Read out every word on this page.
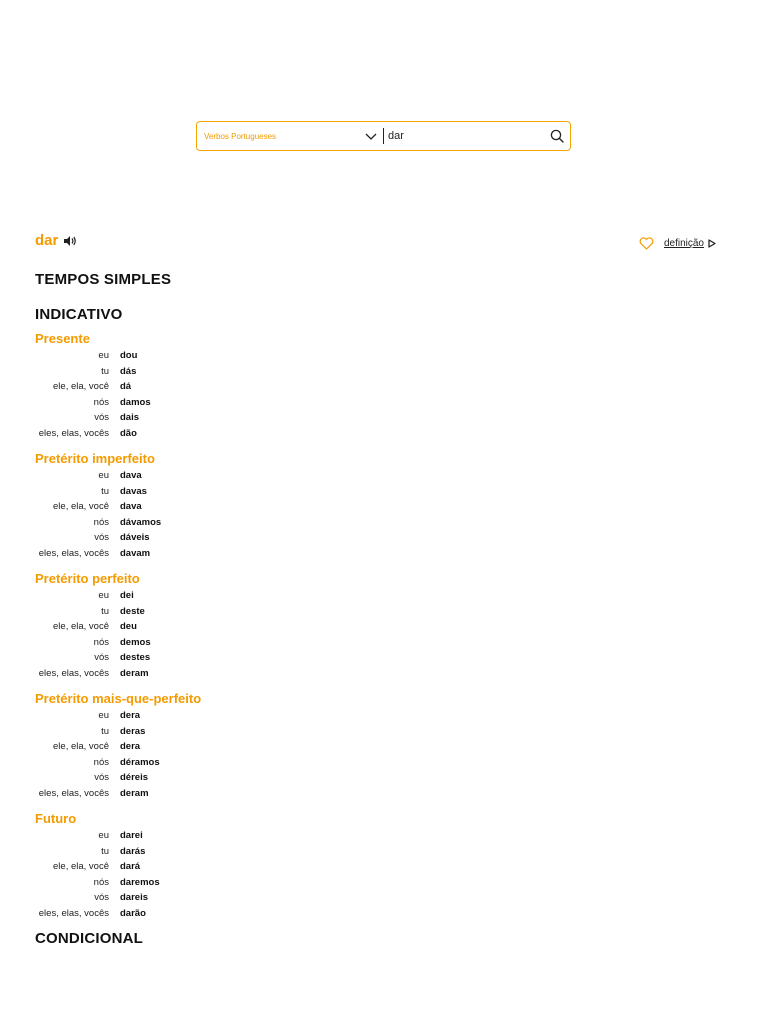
Verbos Portugueses
dar
dar	definição
TEMPOS SIMPLES
INDICATIVO
Presente
eu dou
tu dás
ele, ela, você dá
nós damos
vós dais
eles, elas, vocês dão
Pretérito imperfeito
eu dava
tu davas
ele, ela, você dava
nós dávamos
vós dáveis
eles, elas, vocês davam
Pretérito perfeito
eu dei
tu deste
ele, ela, você deu
nós demos
vós destes
eles, elas, vocês deram
Pretérito mais-que-perfeito
eu dera
tu deras
ele, ela, você dera
nós déramos
vós déreis
eles, elas, vocês deram
Futuro
eu darei
tu darás
ele, ela, você dará
nós daremos
vós dareis
eles, elas, vocês darão
CONDICIONAL
